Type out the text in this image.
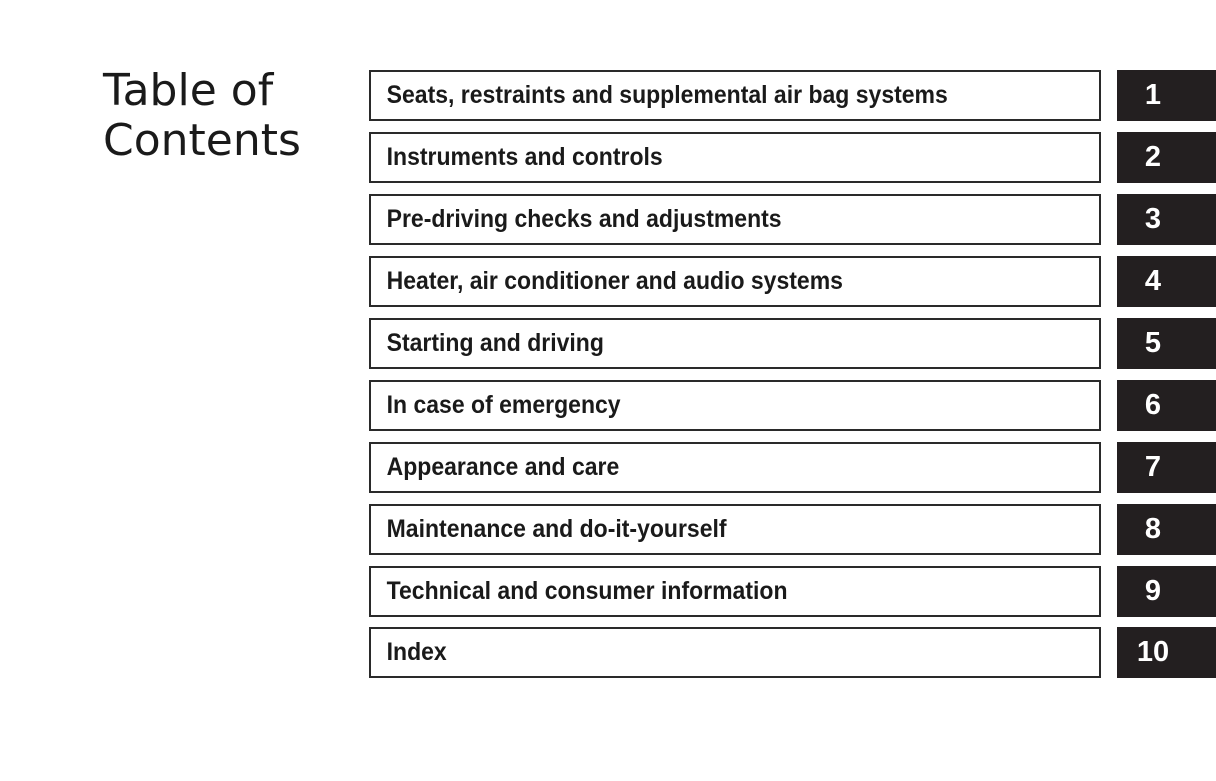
Table of
Contents
Seats, restraints and supplemental air bag systems	1
Instruments and controls	2
Pre-driving checks and adjustments	3
Heater, air conditioner and audio systems	4
Starting and driving	5
In case of emergency	6
Appearance and care	7
Maintenance and do-it-yourself	8
Technical and consumer information	9
Index	10
